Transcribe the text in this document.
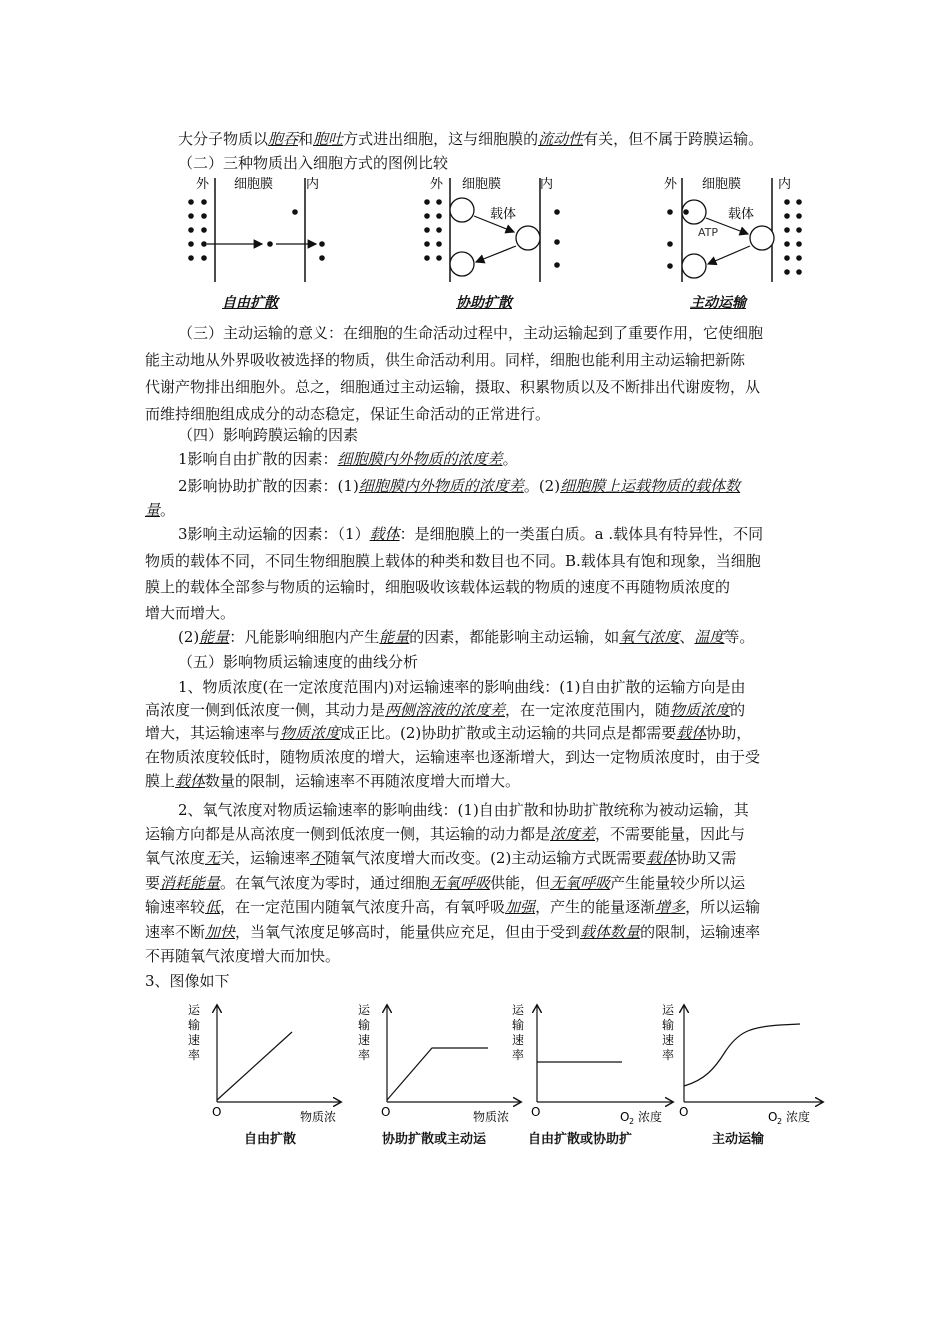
大分子物质以胞吞和胞吐方式进出细胞，这与细胞膜的流动性有关，但不属于跨膜运输。
（二）三种物质出入细胞方式的图例比较
外 细胞膜	内	外 细胞膜	内
载体
外 细胞膜	内
载体
ATP
自由扩散	协助扩散	主动运输
（三）主动运输的意义：在细胞的生命活动过程中，主动运输起到了重要作用，它使细胞
能主动地从外界吸收被选择的物质，供生命活动利用。同样，细胞也能利用主动运输把新陈
代谢产物排出细胞外。总之，细胞通过主动运输，摄取、积累物质以及不断排出代谢废物，从
而维持细胞组成成分的动态稳定，保证生命活动的正常进行。
（四）影响跨膜运输的因素
1影响自由扩散的因素：细胞膜内外物质的浓度差。
2影响协助扩散的因素：(1)细胞膜内外物质的浓度差。(2)细胞膜上运载物质的载体数
量。
3影响主动运输的因素：（1）载体：是细胞膜上的一类蛋白质。a .载体具有特异性，不同
物质的载体不同，不同生物细胞膜上载体的种类和数目也不同。B.载体具有饱和现象，当细胞
膜上的载体全部参与物质的运输时，细胞吸收该载体运载的物质的速度不再随物质浓度的
增大而增大。
(2)能量：凡能影响细胞内产生能量的因素，都能影响主动运输，如氧气浓度、温度等。
（五）影响物质运输速度的曲线分析
1、物质浓度(在一定浓度范围内)对运输速率的影响曲线：(1)自由扩散的运输方向是由
高浓度一侧到低浓度一侧，其动力是两侧溶液的浓度差，在一定浓度范围内，随物质浓度的
增大，其运输速率与物质浓度成正比。(2)协助扩散或主动运输的共同点是都需要载体协助，
在物质浓度较低时，随物质浓度的增大，运输速率也逐渐增大，到达一定物质浓度时，由于受
膜上载体数量的限制，运输速率不再随浓度增大而增大。
2、氧气浓度对物质运输速率的影响曲线：(1)自由扩散和协助扩散统称为被动运输，其
运输方向都是从高浓度一侧到低浓度一侧，其运输的动力都是浓度差，不需要能量，因此与
氧气浓度无关，运输速率不随氧气浓度增大而改变。(2)主动运输方式既需要载体协助又需
要消耗能量。在氧气浓度为零时，通过细胞无氧呼吸供能，但无氧呼吸产生能量较少所以运
输速率较低，在一定范围内随氧气浓度升高，有氧呼吸加强，产生的能量逐渐增多，所以运输
速率不断加快，当氧气浓度足够高时，能量供应充足，但由于受到载体数量的限制，运输速率
不再随氧气浓度增大而加快。
3、图像如下
运
输
速
率
O	物质浓
运
输
速
率
O	物质浓
运
输
速
率
O	O 2 浓度
运
输
速
率
O	O 2 浓度
自由扩散	协助扩散或主动运	自由扩散或协助扩	主动运输
